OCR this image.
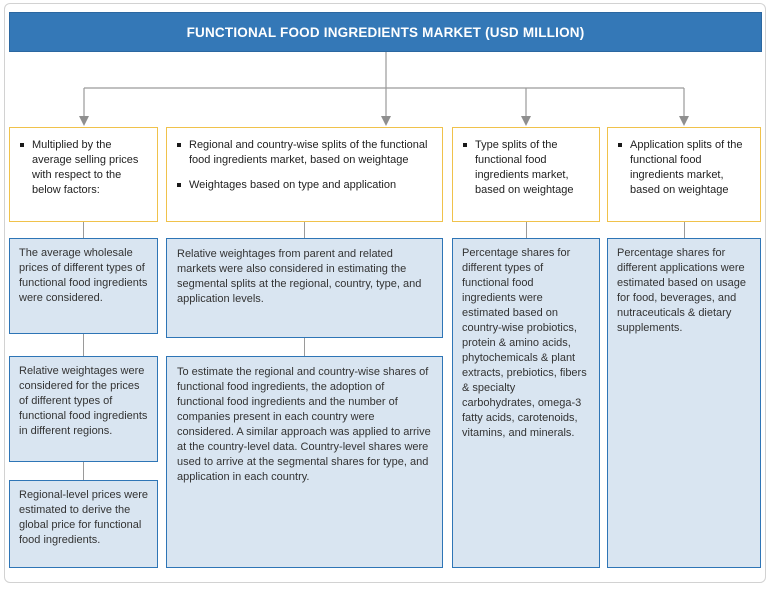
FUNCTIONAL FOOD INGREDIENTS MARKET (USD MILLION)
Multiplied by the average selling prices with respect to the below factors:
The average wholesale prices of different types of functional food ingredients were considered.
Relative weightages were considered for the prices of different types of functional food ingredients in different regions.
Regional-level prices were estimated to derive the global price for functional food ingredients.
Regional and country-wise splits of the functional food ingredients market, based on weightage
Weightages based on type and application
Relative weightages from parent and related markets were also considered in estimating the segmental splits at the regional, country, type, and application levels.
To estimate the regional and country-wise shares of functional food ingredients, the adoption of functional food ingredients and the number of companies present in each country were considered. A similar approach was applied to arrive at the country-level data. Country-level shares were used to arrive at the segmental shares for type, and application in each country.
Type splits of the functional food ingredients market, based on weightage
Percentage shares for different types of functional food ingredients were estimated based on country-wise probiotics, protein & amino acids, phytochemicals & plant extracts, prebiotics, fibers & specialty carbohydrates, omega-3 fatty acids, carotenoids, vitamins, and minerals.
Application splits of the functional food ingredients market, based on weightage
Percentage shares for different applications were estimated based on usage for food, beverages, and nutraceuticals & dietary supplements.
